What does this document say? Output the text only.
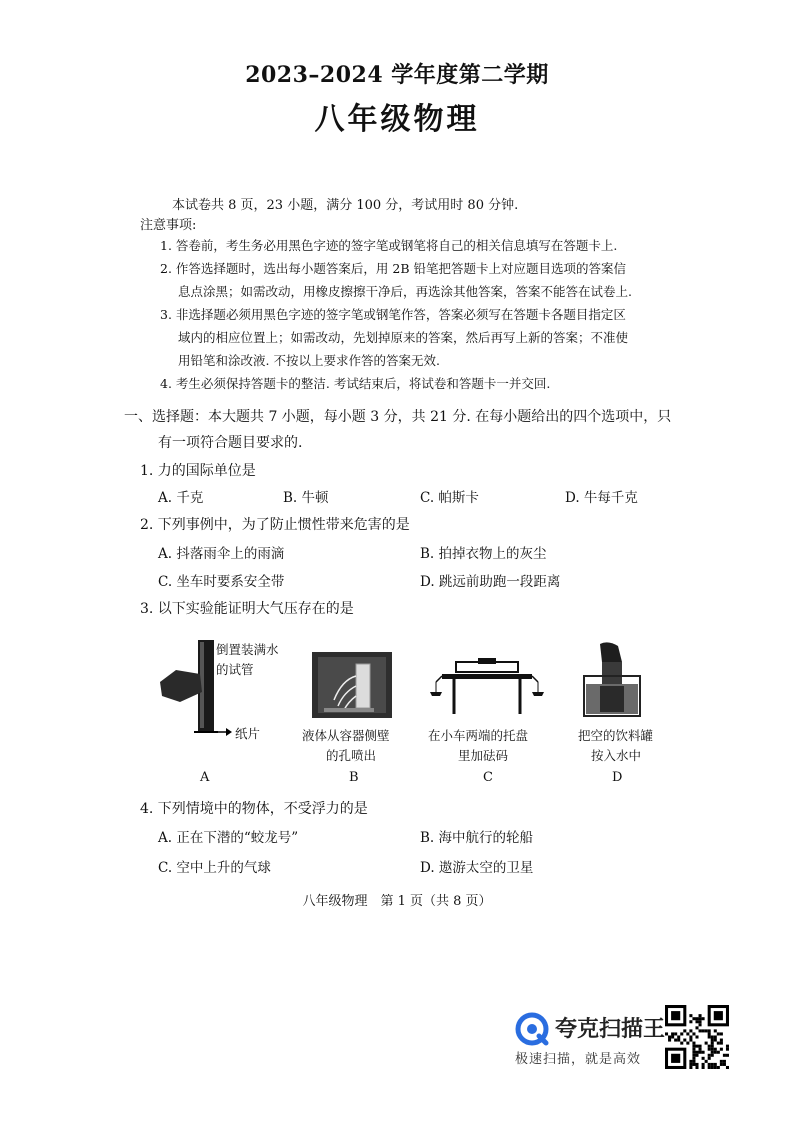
2023–2024 学年度第二学期
八年级物理
本试卷共 8 页，23 小题，满分 100 分，考试用时 80 分钟.
注意事项:
1. 答卷前，考生务必用黑色字迹的签字笔或钢笔将自己的相关信息填写在答题卡上.
2. 作答选择题时，选出每小题答案后，用 2B 铅笔把答题卡上对应题目选项的答案信
息点涂黑；如需改动，用橡皮擦擦干净后，再选涂其他答案，答案不能答在试卷上.
3. 非选择题必须用黑色字迹的签字笔或钢笔作答，答案必须写在答题卡各题目指定区
域内的相应位置上；如需改动，先划掉原来的答案，然后再写上新的答案；不准使
用铅笔和涂改液. 不按以上要求作答的答案无效.
4. 考生必须保持答题卡的整洁. 考试结束后，将试卷和答题卡一并交回.
一、选择题：本大题共 7 小题，每小题 3 分，共 21 分. 在每小题给出的四个选项中，只
有一项符合题目要求的.
1. 力的国际单位是
A. 千克	B. 牛顿	C. 帕斯卡	D. 牛每千克
2. 下列事例中，为了防止惯性带来危害的是
A. 抖落雨伞上的雨滴	B. 拍掉衣物上的灰尘
C. 坐车时要系安全带	D. 跳远前助跑一段距离
3. 以下实验能证明大气压存在的是
倒置装满水
的试管
纸片
A
液体从容器侧壁
的孔喷出
B
在小车两端的托盘
里加砝码
C
把空的饮料罐
按入水中
D
4. 下列情境中的物体，不受浮力的是
A. 正在下潜的“蛟龙号”	B. 海中航行的轮船
C. 空中上升的气球	D. 遨游太空的卫星
八年级物理　第 1 页（共 8 页）
夸克扫描王
极速扫描，就是高效
